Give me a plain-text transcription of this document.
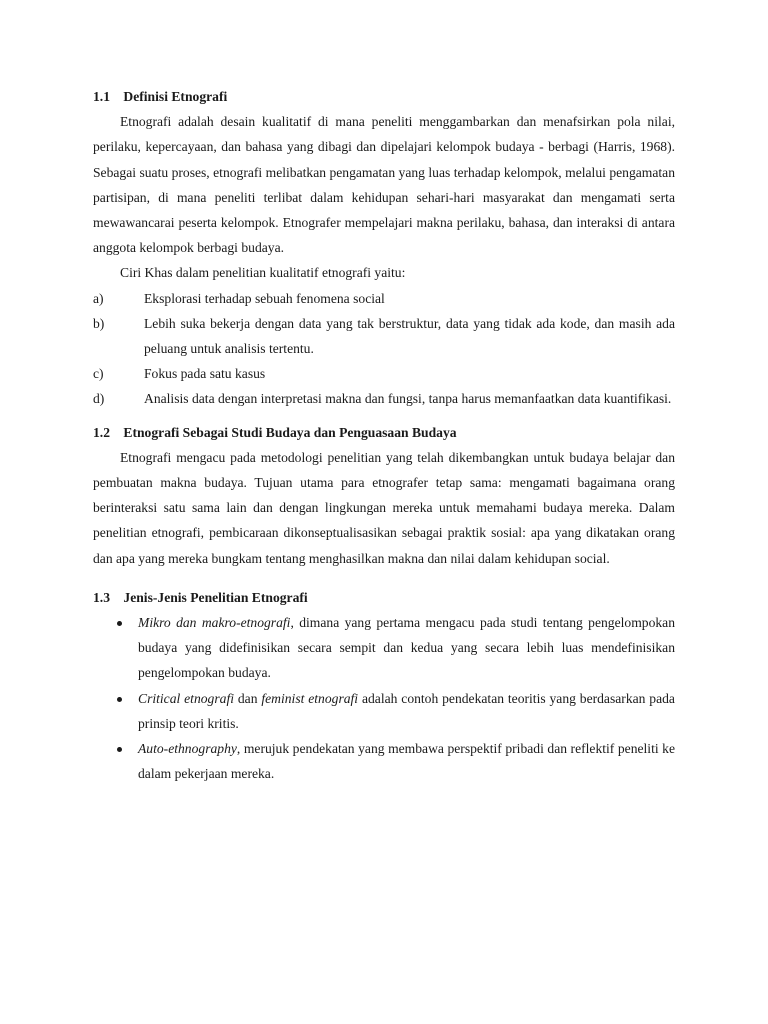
1.1 Definisi Etnografi

Etnografi adalah desain kualitatif di mana peneliti menggambarkan dan menafsirkan pola nilai, perilaku, kepercayaan, dan bahasa yang dibagi dan dipelajari kelompok budaya - berbagi (Harris, 1968). Sebagai suatu proses, etnografi melibatkan pengamatan yang luas terhadap kelompok, melalui pengamatan partisipan, di mana peneliti terlibat dalam kehidupan sehari-hari masyarakat dan mengamati serta mewawancarai peserta kelompok. Etnografer mempelajari makna perilaku, bahasa, dan interaksi di antara anggota kelompok berbagi budaya.

Ciri Khas dalam penelitian kualitatif etnografi yaitu:

a)	Eksplorasi terhadap sebuah fenomena social
b)	Lebih suka bekerja dengan data yang tak berstruktur, data yang tidak ada kode, dan masih ada peluang untuk analisis tertentu.
c)	Fokus pada satu kasus
d)	Analisis data dengan interpretasi makna dan fungsi, tanpa harus memanfaatkan data kuantifikasi.

1.2 Etnografi Sebagai Studi Budaya dan Penguasaan Budaya

Etnografi mengacu pada metodologi penelitian yang telah dikembangkan untuk budaya belajar dan pembuatan makna budaya. Tujuan utama para etnografer tetap sama: mengamati bagaimana orang berinteraksi satu sama lain dan dengan lingkungan mereka untuk memahami budaya mereka. Dalam penelitian etnografi, pembicaraan dikonseptualisasikan sebagai praktik sosial: apa yang dikatakan orang dan apa yang mereka bungkam tentang menghasilkan makna dan nilai dalam kehidupan social.

1.3 Jenis-Jenis Penelitian Etnografi

Mikro dan makro-etnografi, dimana yang pertama mengacu pada studi tentang pengelompokan budaya yang didefinisikan secara sempit dan kedua yang secara lebih luas mendefinisikan pengelompokan budaya.
Critical etnografi dan feminist etnografi adalah contoh pendekatan teoritis yang berdasarkan pada prinsip teori kritis.
Auto-ethnography, merujuk pendekatan yang membawa perspektif pribadi dan reflektif peneliti ke dalam pekerjaan mereka.
